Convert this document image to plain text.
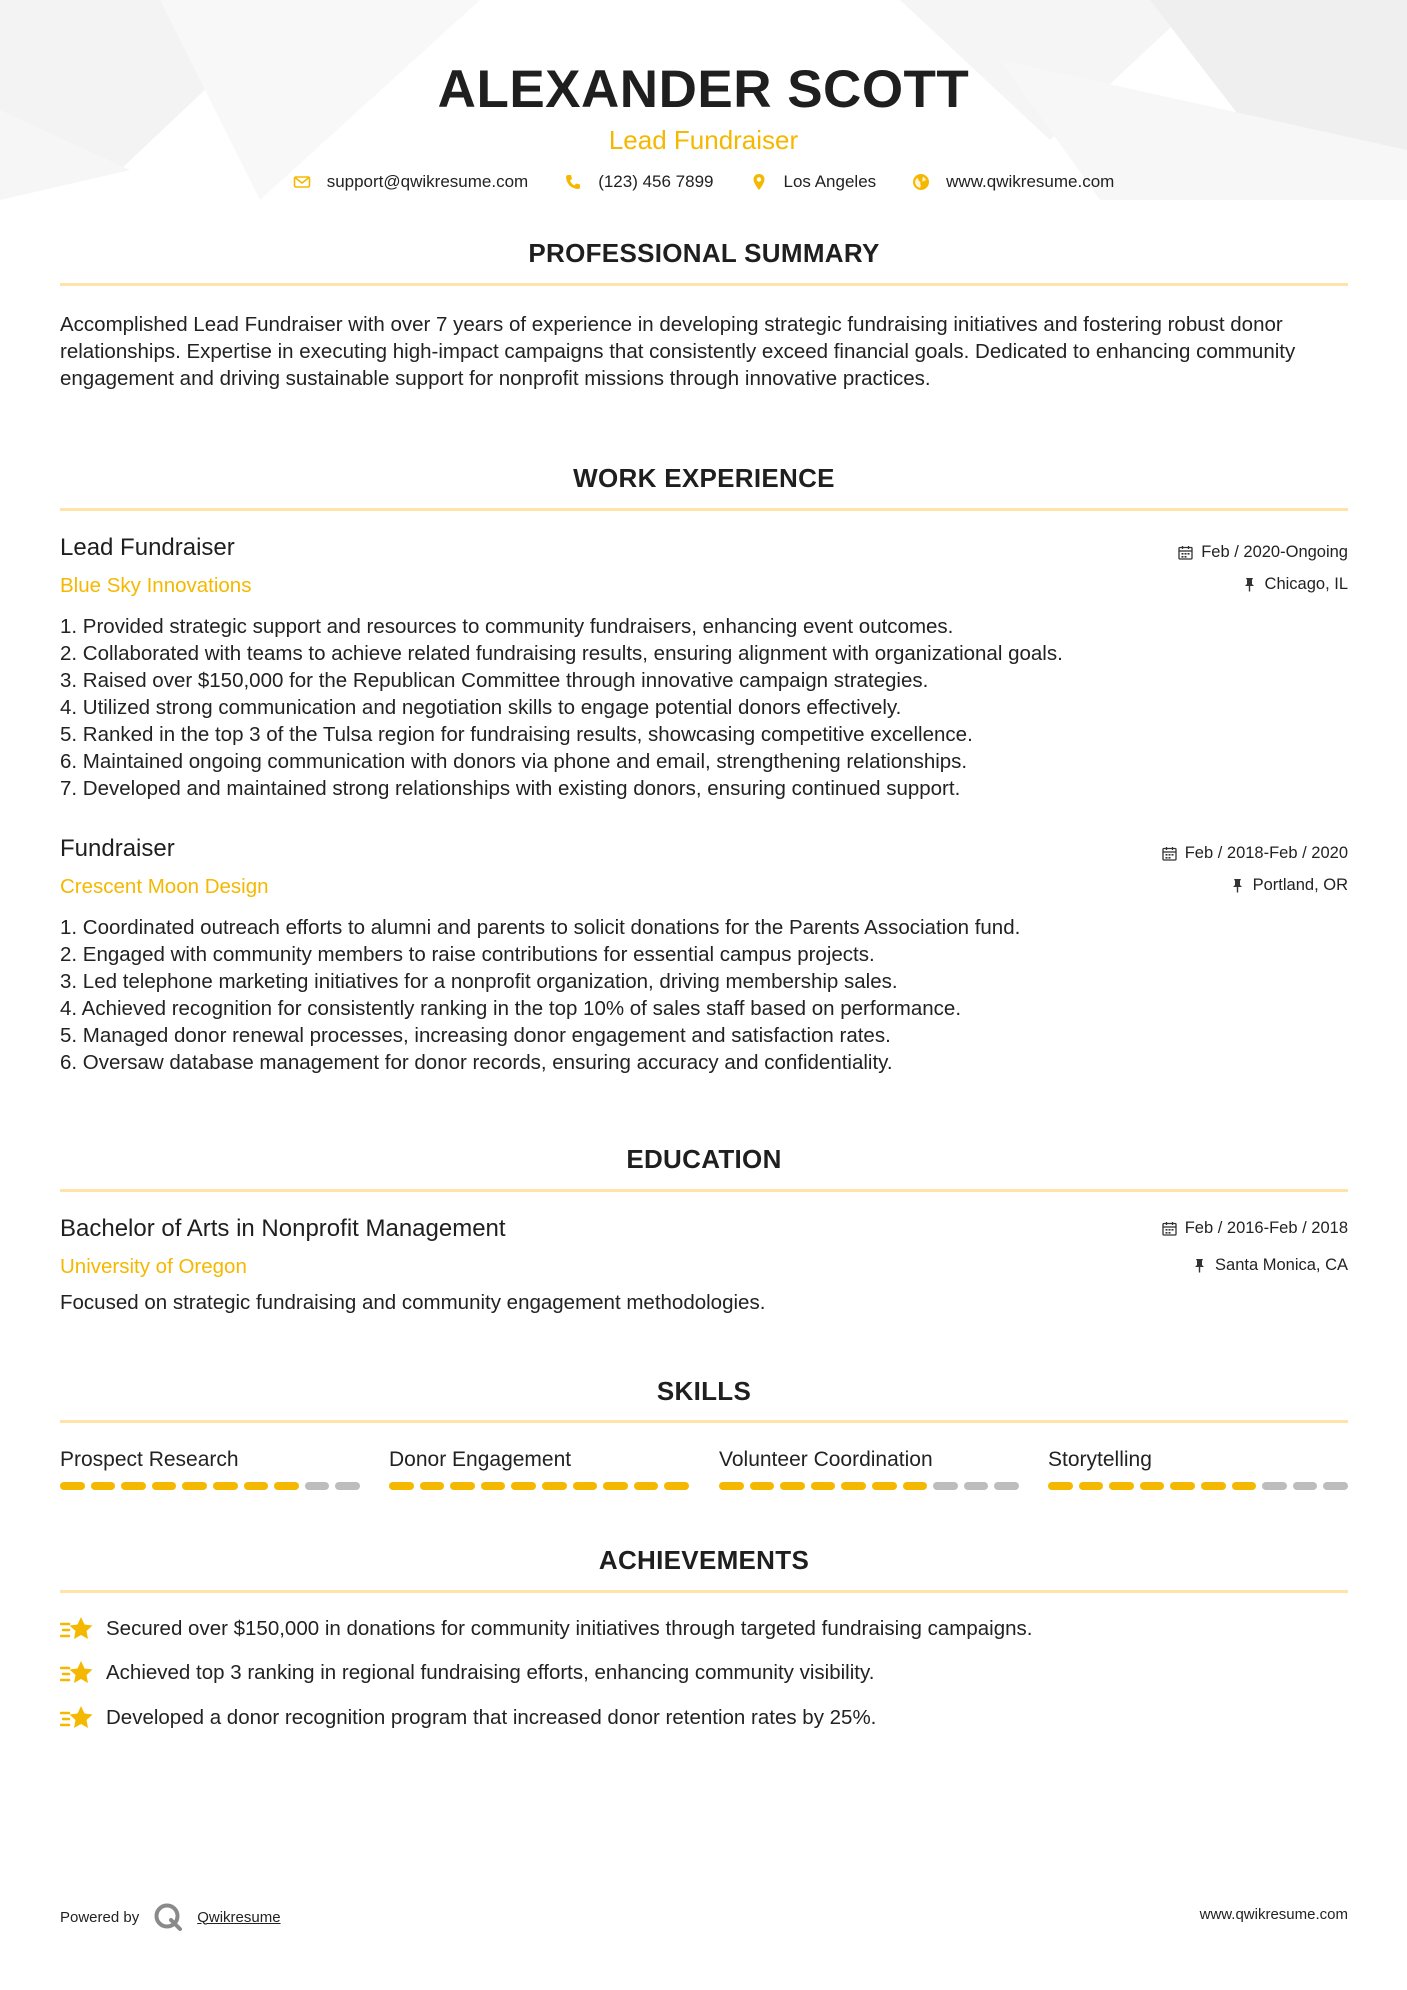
ALEXANDER SCOTT
Lead Fundraiser
support@qwikresume.com	(123) 456 7899	Los Angeles	www.qwikresume.com
PROFESSIONAL SUMMARY
Accomplished Lead Fundraiser with over 7 years of experience in developing strategic fundraising initiatives and fostering robust donor relationships. Expertise in executing high-impact campaigns that consistently exceed financial goals. Dedicated to enhancing community engagement and driving sustainable support for nonprofit missions through innovative practices.
WORK EXPERIENCE
Lead Fundraiser
Blue Sky Innovations
Feb / 2020-Ongoing
Chicago, IL
1. Provided strategic support and resources to community fundraisers, enhancing event outcomes.
2. Collaborated with teams to achieve related fundraising results, ensuring alignment with organizational goals.
3. Raised over $150,000 for the Republican Committee through innovative campaign strategies.
4. Utilized strong communication and negotiation skills to engage potential donors effectively.
5. Ranked in the top 3 of the Tulsa region for fundraising results, showcasing competitive excellence.
6. Maintained ongoing communication with donors via phone and email, strengthening relationships.
7. Developed and maintained strong relationships with existing donors, ensuring continued support.
Fundraiser
Crescent Moon Design
Feb / 2018-Feb / 2020
Portland, OR
1. Coordinated outreach efforts to alumni and parents to solicit donations for the Parents Association fund.
2. Engaged with community members to raise contributions for essential campus projects.
3. Led telephone marketing initiatives for a nonprofit organization, driving membership sales.
4. Achieved recognition for consistently ranking in the top 10% of sales staff based on performance.
5. Managed donor renewal processes, increasing donor engagement and satisfaction rates.
6. Oversaw database management for donor records, ensuring accuracy and confidentiality.
EDUCATION
Bachelor of Arts in Nonprofit Management
University of Oregon
Feb / 2016-Feb / 2018
Santa Monica, CA
Focused on strategic fundraising and community engagement methodologies.
SKILLS
Prospect Research	Donor Engagement	Volunteer Coordination	Storytelling
ACHIEVEMENTS
Secured over $150,000 in donations for community initiatives through targeted fundraising campaigns.
Achieved top 3 ranking in regional fundraising efforts, enhancing community visibility.
Developed a donor recognition program that increased donor retention rates by 25%.
Powered by	Qwikresume	www.qwikresume.com
